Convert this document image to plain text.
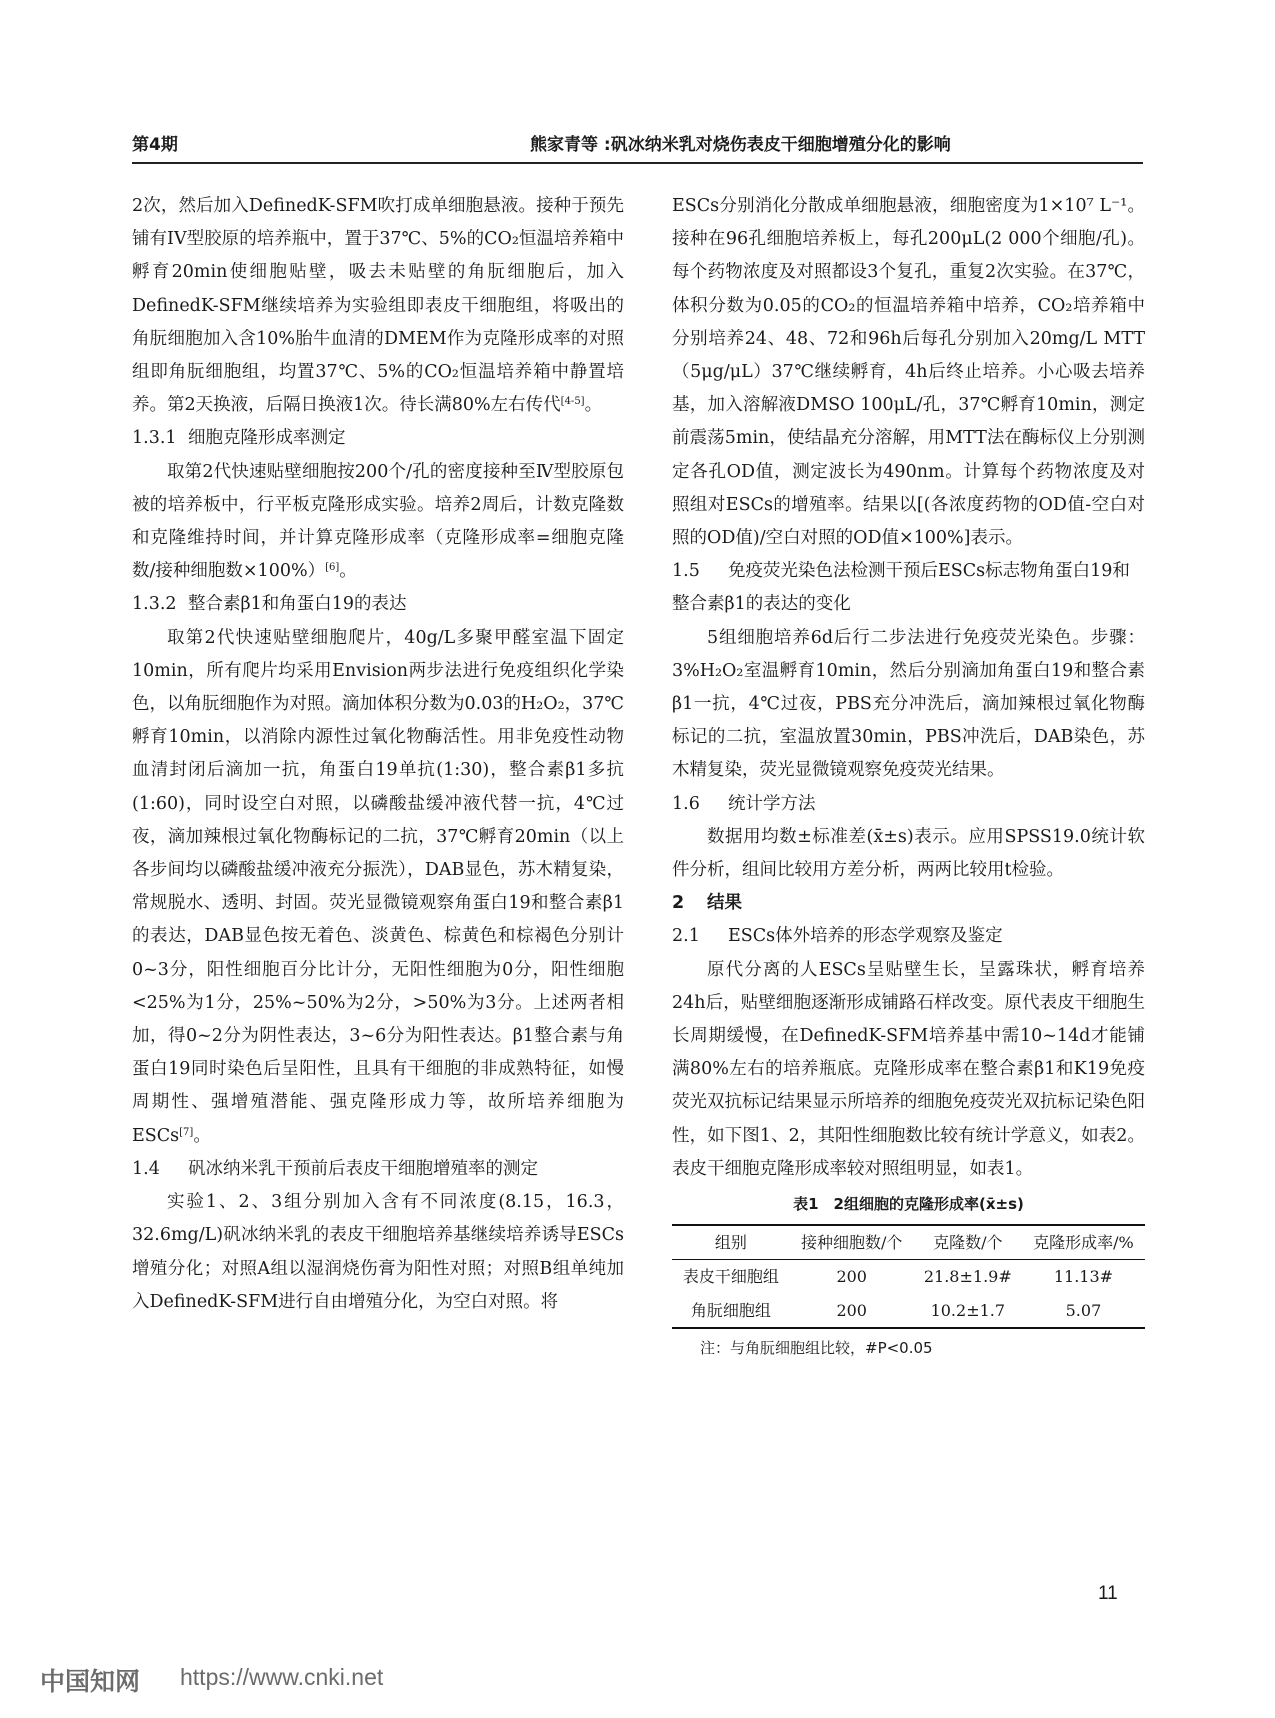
第4期	熊家青等 :矾冰纳米乳对烧伤表皮干细胞增殖分化的影响

2次，然后加入DefinedK-SFM吹打成单细胞悬液。接种于预先铺有IV型胶原的培养瓶中，置于37℃、5%的CO₂恒温培养箱中孵育20min使细胞贴壁，吸去未贴壁的角朊细胞后，加入DefinedK-SFM继续培养为实验组即表皮干细胞组，将吸出的角朊细胞加入含10%胎牛血清的DMEM作为克隆形成率的对照组即角朊细胞组，均置37℃、5%的CO₂恒温培养箱中静置培养。第2天换液，后隔日换液1次。待长满80%左右传代[4-5]。

1.3.1 细胞克隆形成率测定

取第2代快速贴壁细胞按200个/孔的密度接种至Ⅳ型胶原包被的培养板中，行平板克隆形成实验。培养2周后，计数克隆数和克隆维持时间，并计算克隆形成率（克隆形成率=细胞克隆数/接种细胞数×100%）[6]。

1.3.2 整合素β1和角蛋白19的表达

取第2代快速贴壁细胞爬片，40g/L多聚甲醛室温下固定10min，所有爬片均采用Envision两步法进行免疫组织化学染色，以角朊细胞作为对照。滴加体积分数为0.03的H₂O₂，37℃孵育10min，以消除内源性过氧化物酶活性。用非免疫性动物血清封闭后滴加一抗，角蛋白19单抗(1:30)，整合素β1多抗(1:60)，同时设空白对照，以磷酸盐缓冲液代替一抗，4℃过夜，滴加辣根过氧化物酶标记的二抗，37℃孵育20min（以上各步间均以磷酸盐缓冲液充分振洗），DAB显色，苏木精复染，常规脱水、透明、封固。荧光显微镜观察角蛋白19和整合素β1的表达，DAB显色按无着色、淡黄色、棕黄色和棕褐色分别计0~3分，阳性细胞百分比计分，无阳性细胞为0分，阳性细胞<25%为1分，25%~50%为2分，>50%为3分。上述两者相加，得0~2分为阴性表达，3~6分为阳性表达。β1整合素与角蛋白19同时染色后呈阳性，且具有干细胞的非成熟特征，如慢周期性、强增殖潜能、强克隆形成力等，故所培养细胞为ESCs[7]。

1.4 矾冰纳米乳干预前后表皮干细胞增殖率的测定

实验1、2、3组分别加入含有不同浓度(8.15，16.3，32.6mg/L)矾冰纳米乳的表皮干细胞培养基继续培养诱导ESCs增殖分化；对照A组以湿润烧伤膏为阳性对照；对照B组单纯加入DefinedK-SFM进行自由增殖分化，为空白对照。将

ESCs分别消化分散成单细胞悬液，细胞密度为1×10⁷ L⁻¹。接种在96孔细胞培养板上，每孔200μL(2 000个细胞/孔)。每个药物浓度及对照都设3个复孔，重复2次实验。在37℃，体积分数为0.05的CO₂的恒温培养箱中培养，CO₂培养箱中分别培养24、48、72和96h后每孔分别加入20mg/L MTT（5μg/μL）37℃继续孵育，4h后终止培养。小心吸去培养基，加入溶解液DMSO 100μL/孔，37℃孵育10min，测定前震荡5min，使结晶充分溶解，用MTT法在酶标仪上分别测定各孔OD值，测定波长为490nm。计算每个药物浓度及对照组对ESCs的增殖率。结果以[(各浓度药物的OD值-空白对照的OD值)/空白对照的OD值×100%]表示。

1.5 免疫荧光染色法检测干预后ESCs标志物角蛋白19和整合素β1的表达的变化

5组细胞培养6d后行二步法进行免疫荧光染色。步骤：3%H₂O₂室温孵育10min，然后分别滴加角蛋白19和整合素β1一抗，4℃过夜，PBS充分冲洗后，滴加辣根过氧化物酶标记的二抗，室温放置30min，PBS冲洗后，DAB染色，苏木精复染，荧光显微镜观察免疫荧光结果。

1.6 统计学方法

数据用均数±标准差(x̄±s)表示。应用SPSS19.0统计软件分析，组间比较用方差分析，两两比较用t检验。

2 结果
2.1 ESCs体外培养的形态学观察及鉴定

原代分离的人ESCs呈贴壁生长，呈露珠状，孵育培养24h后，贴壁细胞逐渐形成铺路石样改变。原代表皮干细胞生长周期缓慢，在DefinedK-SFM培养基中需10~14d才能铺满80%左右的培养瓶底。克隆形成率在整合素β1和K19免疫荧光双抗标记结果显示所培养的细胞免疫荧光双抗标记染色阳性，如下图1、2，其阳性细胞数比较有统计学意义，如表2。表皮干细胞克隆形成率较对照组明显，如表1。

表1　2组细胞的克隆形成率(x̄±s)
组别	接种细胞数/个	克隆数/个	克隆形成率/%
表皮干细胞组	200	21.8±1.9#	11.13#
角朊细胞组	200	10.2±1.7	5.07
注：与角朊细胞组比较，#P<0.05
11
中国知网 https://www.cnki.net
